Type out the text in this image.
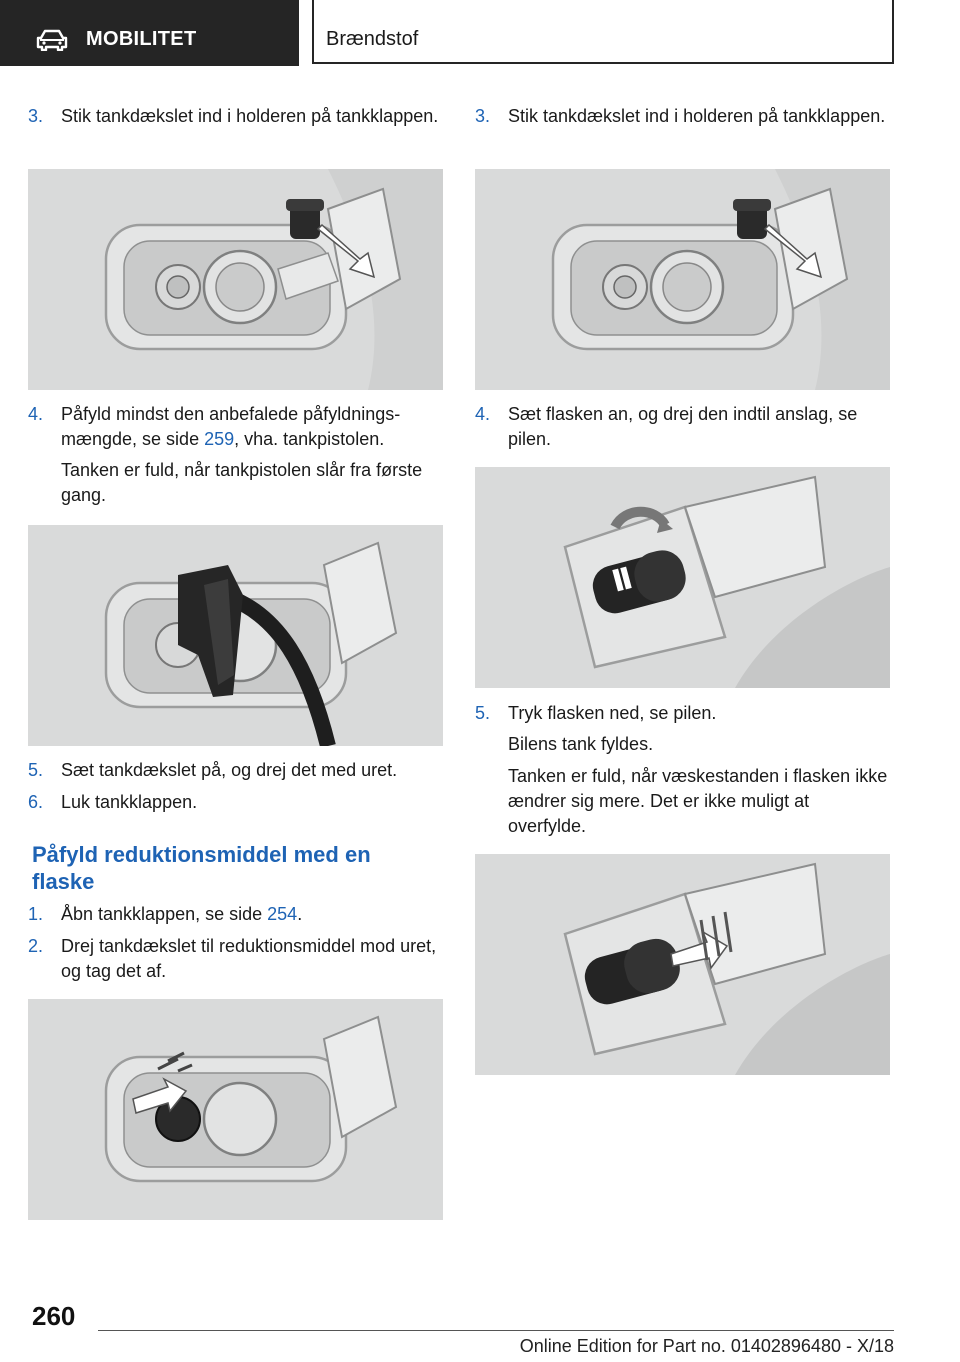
MOBILITET	Brændstof
3. Stik tankdækslet ind i holderen på tankklappen.
4. Påfyld mindst den anbefalede påfyldningsmængde, se side 259, vha. tankpistolen.
Tanken er fuld, når tankpistolen slår fra første gang.
5. Sæt tankdækslet på, og drej det med uret.
6. Luk tankklappen.
Påfyld reduktionsmiddel med en flaske
1. Åbn tankklappen, se side 254.
2. Drej tankdækslet til reduktionsmiddel mod uret, og tag det af.
3. Stik tankdækslet ind i holderen på tankklappen.
4. Sæt flasken an, og drej den indtil anslag, se pilen.
5. Tryk flasken ned, se pilen.
Bilens tank fyldes.
Tanken er fuld, når væskestanden i flasken ikke ændrer sig mere. Det er ikke muligt at overfylde.
260
Online Edition for Part no. 01402896480 - X/18
